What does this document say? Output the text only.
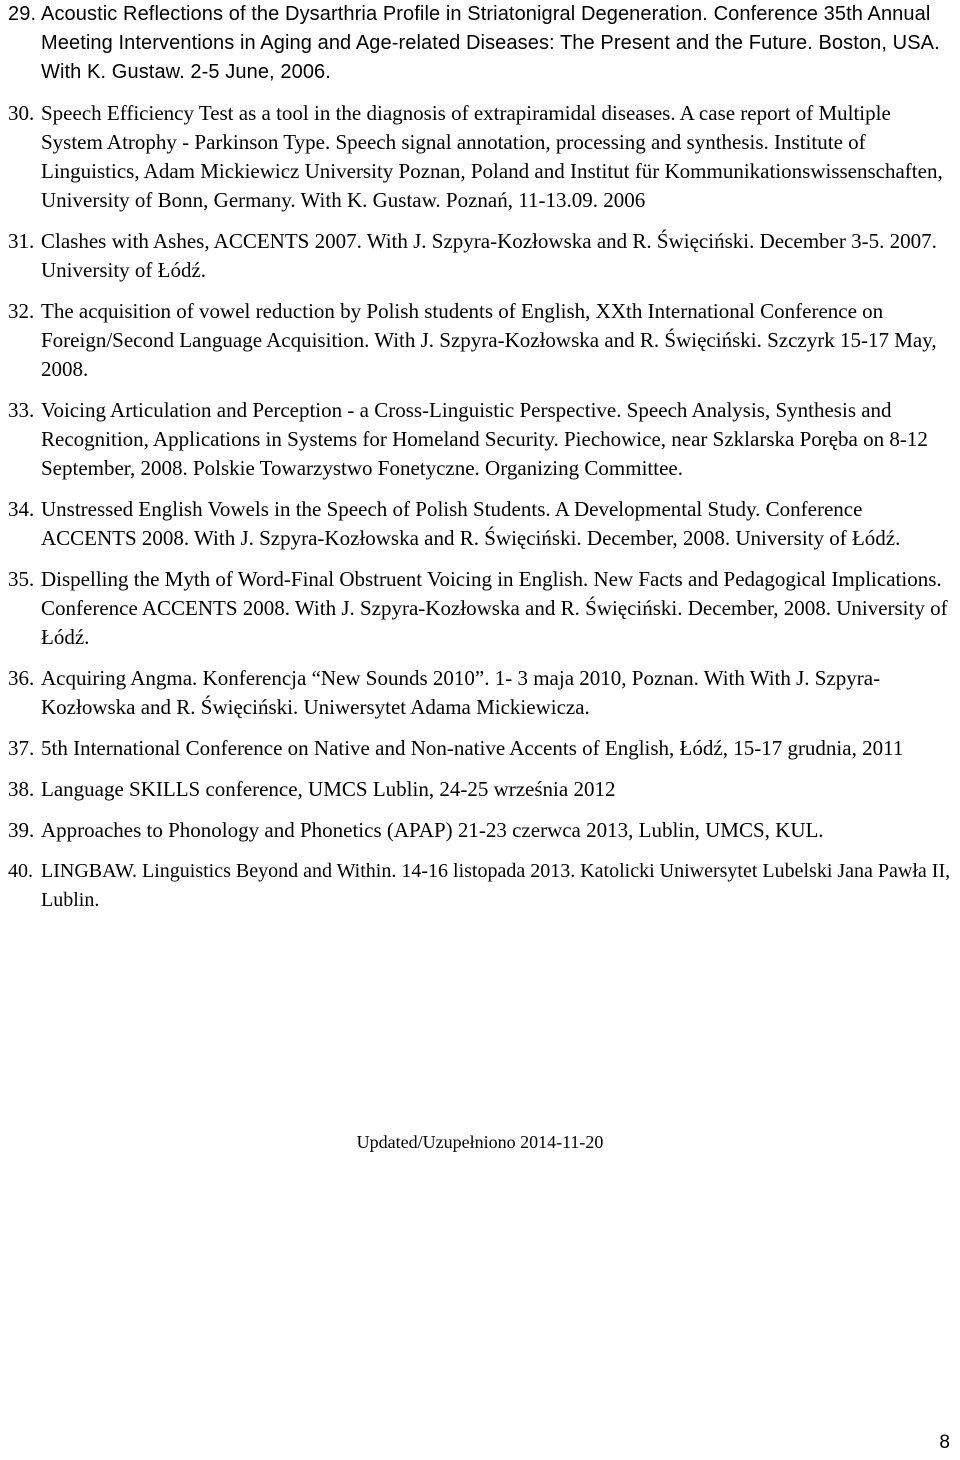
29. Acoustic Reflections of the Dysarthria Profile in Striatonigral Degeneration. Conference 35th Annual Meeting Interventions in Aging and Age-related Diseases: The Present and the Future. Boston, USA. With K. Gustaw. 2-5 June, 2006.
30. Speech Efficiency Test as a tool in the diagnosis of extrapiramidal diseases. A case report of Multiple System Atrophy - Parkinson Type. Speech signal annotation, processing and synthesis. Institute of Linguistics, Adam Mickiewicz University Poznan, Poland and Institut für Kommunikationswissenschaften, University of Bonn, Germany. With K. Gustaw. Poznań, 11-13.09. 2006
31. Clashes with Ashes, ACCENTS 2007. With J. Szpyra-Kozłowska and R. Święciński. December 3-5. 2007. University of Łódź.
32. The acquisition of vowel reduction by Polish students of English, XXth International Conference on Foreign/Second Language Acquisition. With J. Szpyra-Kozłowska and R. Święciński. Szczyrk 15-17 May, 2008.
33. Voicing Articulation and Perception - a Cross-Linguistic Perspective. Speech Analysis, Synthesis and Recognition, Applications in Systems for Homeland Security. Piechowice, near Szklarska Poręba on 8-12 September, 2008. Polskie Towarzystwo Fonetyczne. Organizing Committee.
34. Unstressed English Vowels in the Speech of Polish Students. A Developmental Study. Conference ACCENTS 2008. With J. Szpyra-Kozłowska and R. Święciński. December, 2008. University of Łódź.
35. Dispelling the Myth of Word-Final Obstruent Voicing in English. New Facts and Pedagogical Implications. Conference ACCENTS 2008. With J. Szpyra-Kozłowska and R. Święciński. December, 2008. University of Łódź.
36. Acquiring Angma. Konferencja “New Sounds 2010”. 1- 3 maja 2010, Poznan. With With J. Szpyra-Kozłowska and R. Święciński. Uniwersytet Adama Mickiewicza.
37. 5th International Conference on Native and Non-native Accents of English, Łódź, 15-17 grudnia, 2011
38. Language SKILLS conference, UMCS Lublin, 24-25 września 2012
39. Approaches to Phonology and Phonetics (APAP) 21-23 czerwca 2013, Lublin, UMCS, KUL.
40. LINGBAW. Linguistics Beyond and Within. 14-16 listopada 2013. Katolicki Uniwersytet Lubelski Jana Pawła II, Lublin.
Updated/Uzupełniono 2014-11-20
8
